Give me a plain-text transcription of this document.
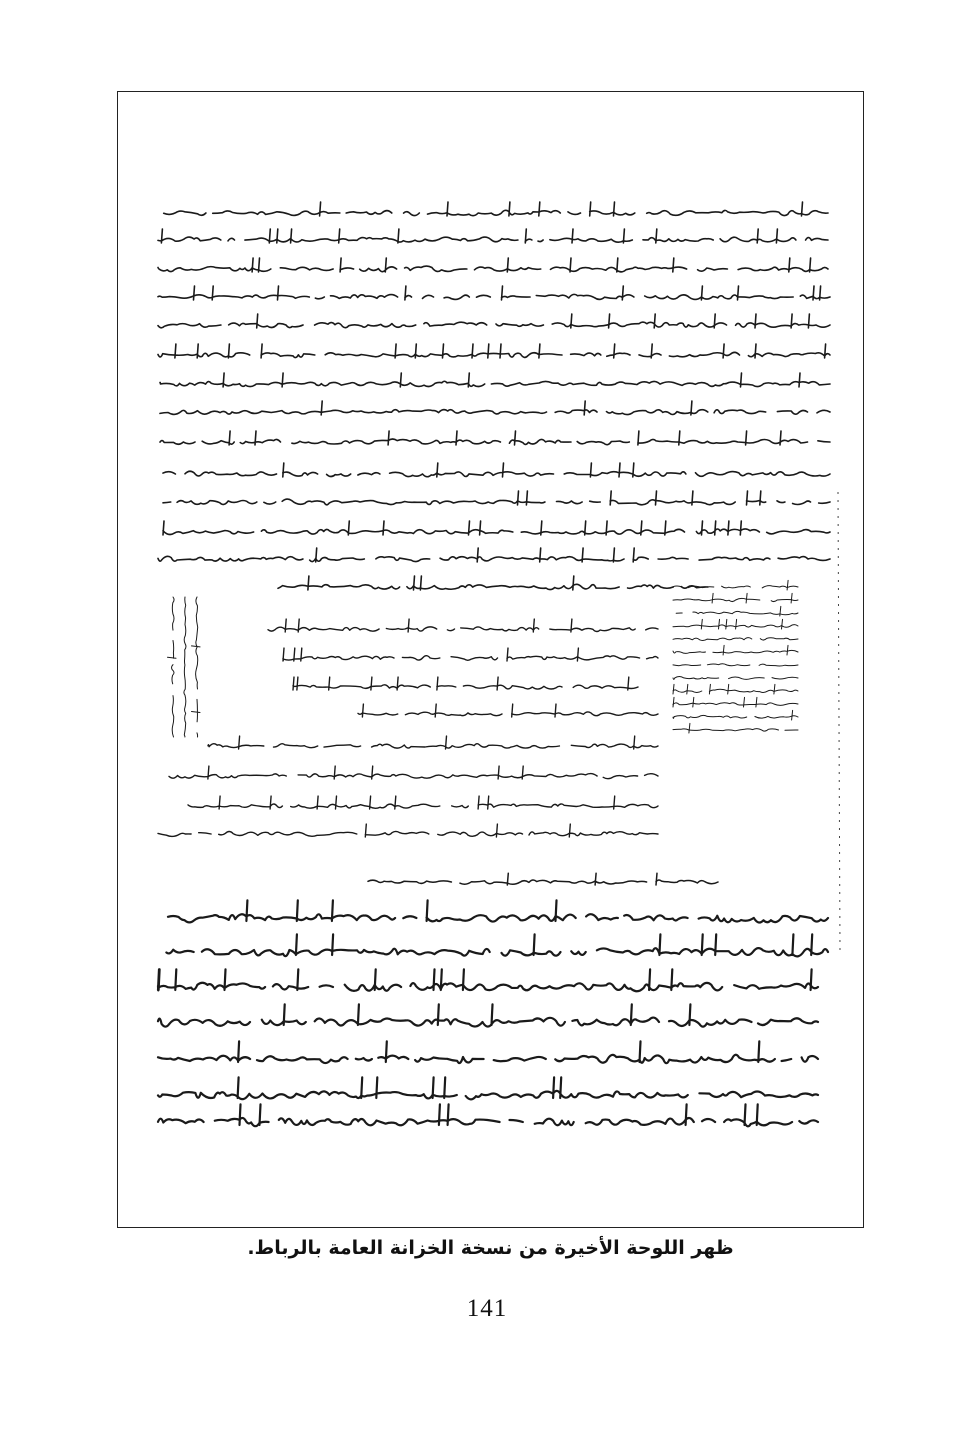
ظهر اللوحة الأخيرة من نسخة الخزانة العامة بالرباط.
141
